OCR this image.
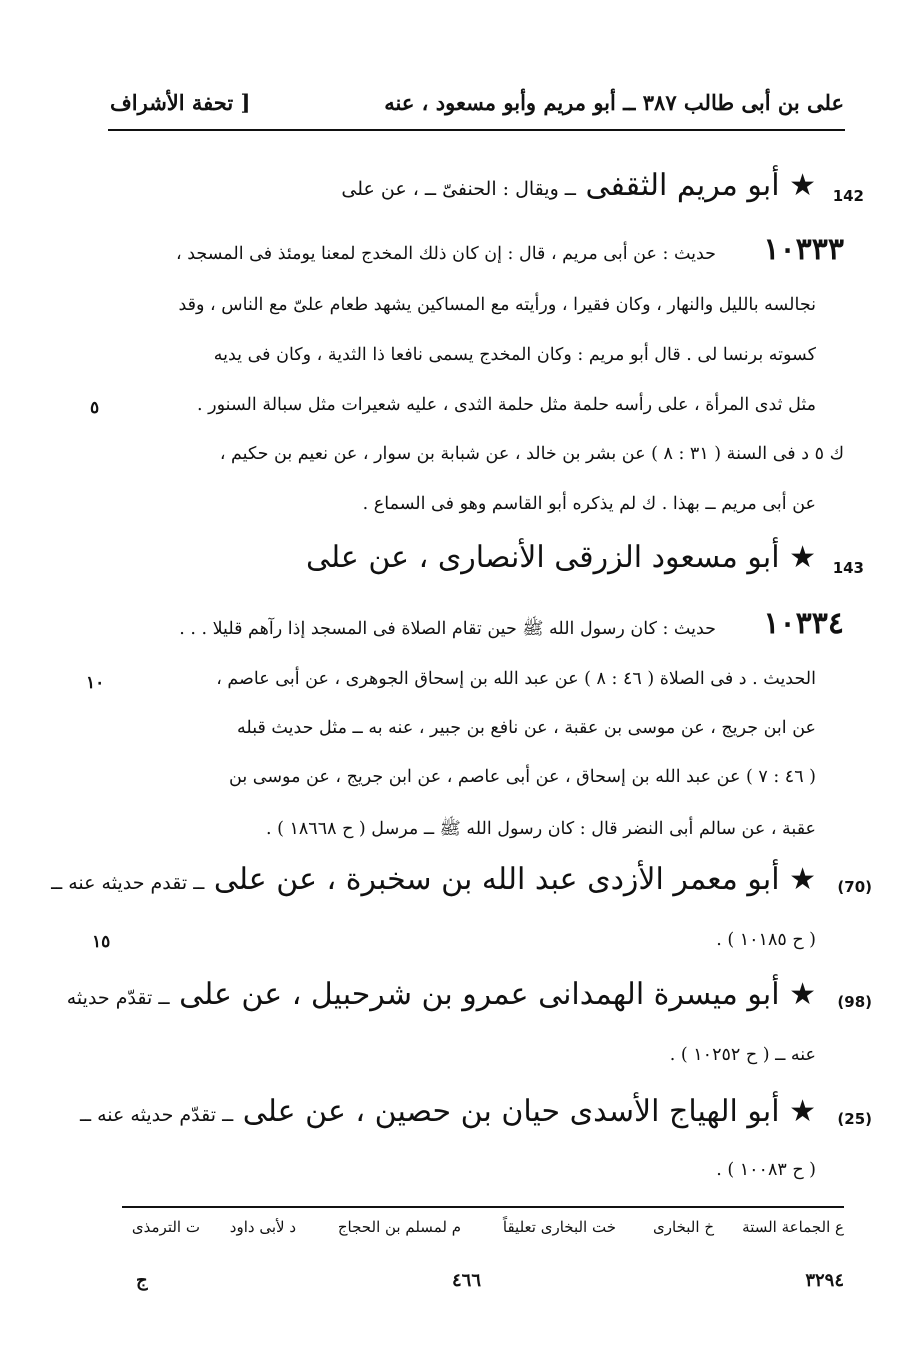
على بن أبى طالب ٣٨٧ ــ أبو مريم وأبو مسعود ، عنه
[ تحفة الأشراف
142
★ أبو مريم الثقفى ــ ويقال : الحنفىّ ــ ، عن على
١٠٣٣٣
حديث : عن أبى مريم ، قال : إن كان ذلك المخدج لمعنا يومئذ فى المسجد ،
نجالسه بالليل والنهار ، وكان فقيرا ، ورأيته مع المساكين يشهد طعام علىّ مع الناس ، وقد
كسوته برنسا لى . قال أبو مريم : وكان المخدج يسمى نافعا ذا الثدية ، وكان فى يديه
مثل ثدى المرأة ، على رأسه حلمة مثل حلمة الثدى ، عليه شعيرات مثل سبالة السنور .
ك ٥ د فى السنة ( ٣١ : ٨ ) عن بشر بن خالد ، عن شبابة بن سوار ، عن نعيم بن حكيم ،
عن أبى مريم ــ بهذا . ك لم يذكره أبو القاسم وهو فى السماع .
٥
143
★ أبو مسعود الزرقى الأنصارى ، عن على
١٠٣٣٤
حديث : كان رسول الله ﷺ حين تقام الصلاة فى المسجد إذا رآهم قليلا . . .
الحديث . د فى الصلاة ( ٤٦ : ٨ ) عن عبد الله بن إسحاق الجوهرى ، عن أبى عاصم ،
عن ابن جريج ، عن موسى بن عقبة ، عن نافع بن جبير ، عنه به ــ مثل حديث قبله
( ٤٦ : ٧ ) عن عبد الله بن إسحاق ، عن أبى عاصم ، عن ابن جريج ، عن موسى بن
عقبة ، عن سالم أبى النضر قال : كان رسول الله ﷺ ــ مرسل ( ح ١٨٦٦٨ ) .
١٠
(70)
★ أبو معمر الأزدى عبد الله بن سخبرة ، عن على ــ تقدم حديثه عنه ــ
( ح ١٠١٨٥ ) .
١٥
(98)
★ أبو ميسرة الهمدانى عمرو بن شرحبيل ، عن على ــ تقدّم حديثه
عنه ــ ( ح ١٠٢٥٢ ) .
(25)
★ أبو الهياج الأسدى حيان بن حصين ، عن على ــ تقدّم حديثه عنه ــ
( ح ١٠٠٨٣ ) .
ع الجماعة الستة
خ البخارى
خت البخارى تعليقاً
م لمسلم بن الحجاج
د لأبى داود
ت الترمذى
٣٢٩٤
٤٦٦
ج
